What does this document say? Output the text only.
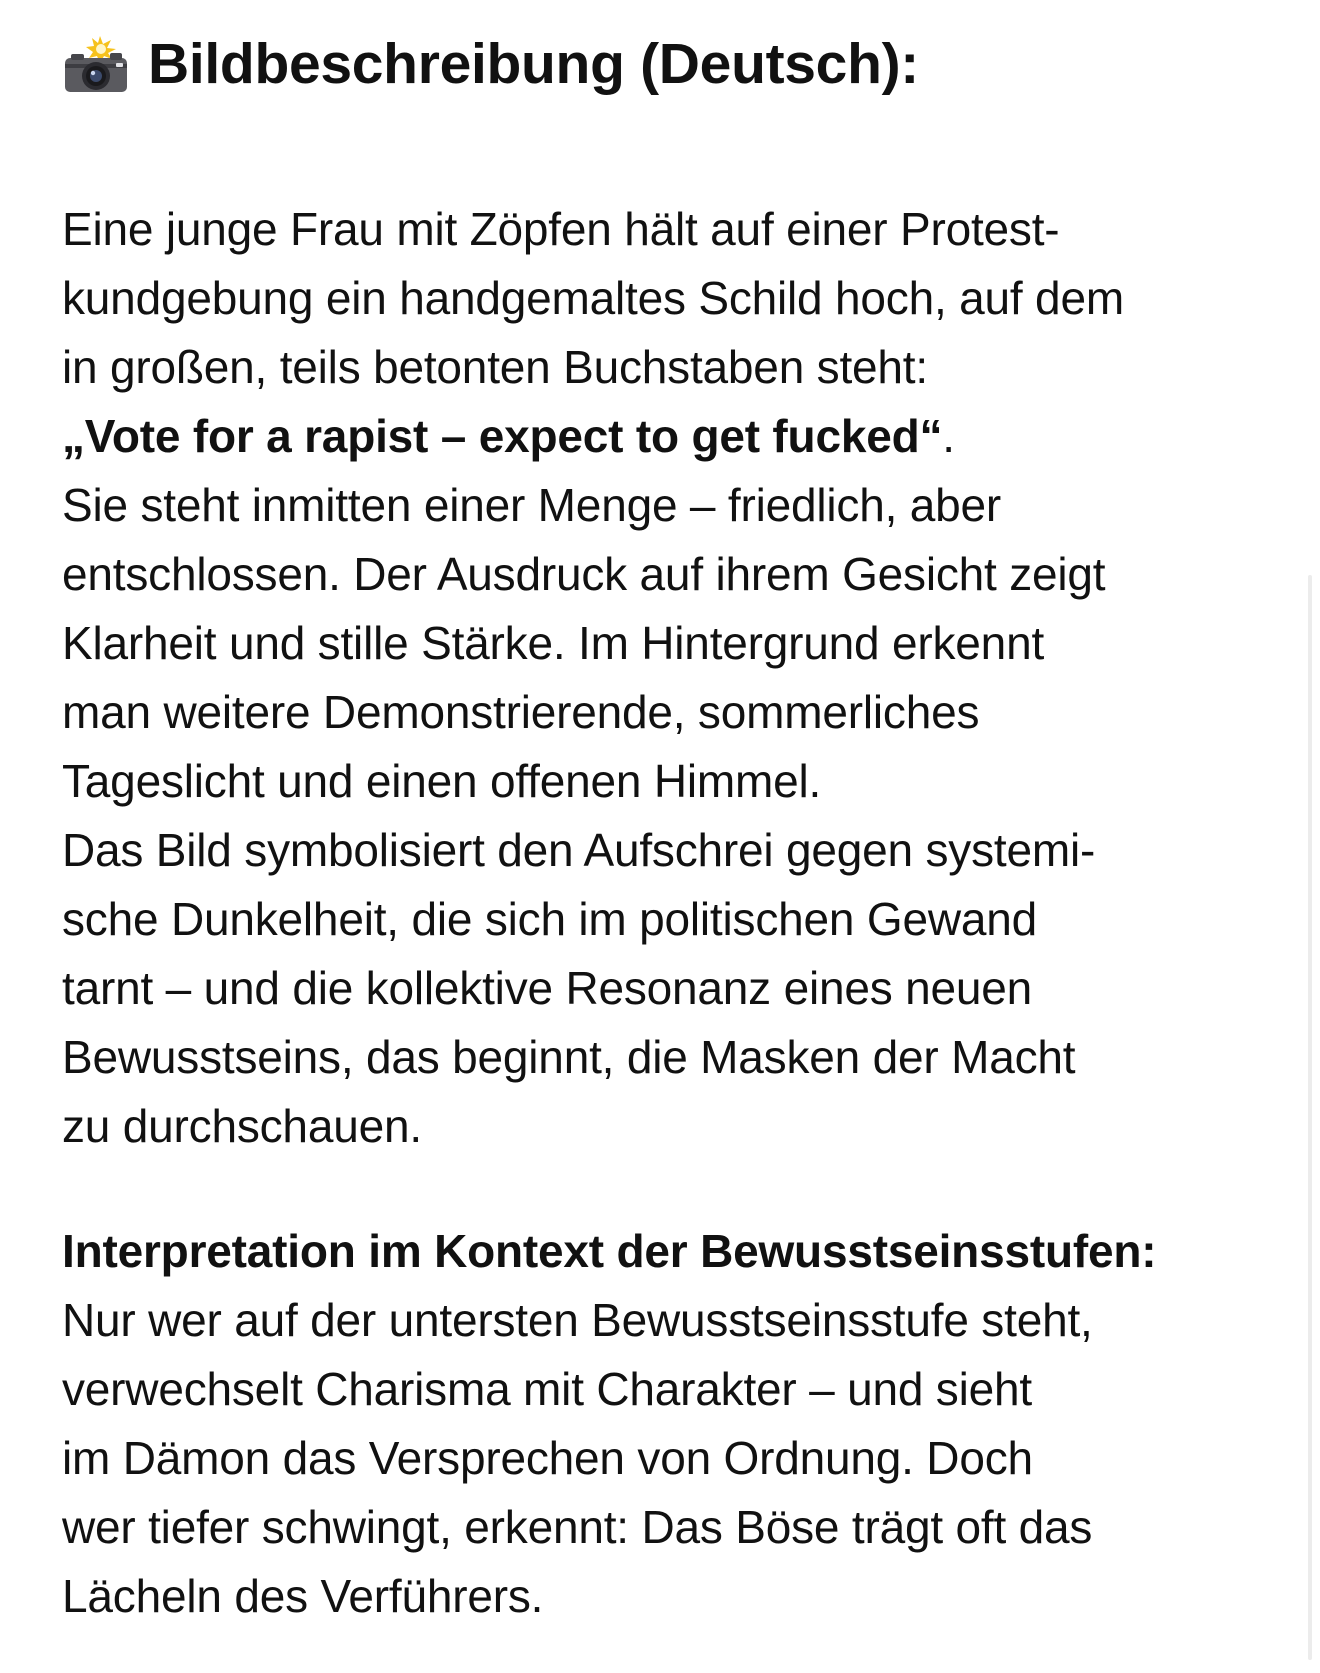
Bildbeschreibung (Deutsch):

Eine junge Frau mit Zöpfen hält auf einer Protest-
kundgebung ein handgemaltes Schild hoch, auf dem
in großen, teils betonten Buchstaben steht:
„Vote for a rapist – expect to get fucked“.
Sie steht inmitten einer Menge – friedlich, aber
entschlossen. Der Ausdruck auf ihrem Gesicht zeigt
Klarheit und stille Stärke. Im Hintergrund erkennt
man weitere Demonstrierende, sommerliches
Tageslicht und einen offenen Himmel.
Das Bild symbolisiert den Aufschrei gegen systemi-
sche Dunkelheit, die sich im politischen Gewand
tarnt – und die kollektive Resonanz eines neuen
Bewusstseins, das beginnt, die Masken der Macht
zu durchschauen.

Interpretation im Kontext der Bewusstseinsstufen:
Nur wer auf der untersten Bewusstseinsstufe steht,
verwechselt Charisma mit Charakter – und sieht
im Dämon das Versprechen von Ordnung. Doch
wer tiefer schwingt, erkennt: Das Böse trägt oft das
Lächeln des Verführers.
